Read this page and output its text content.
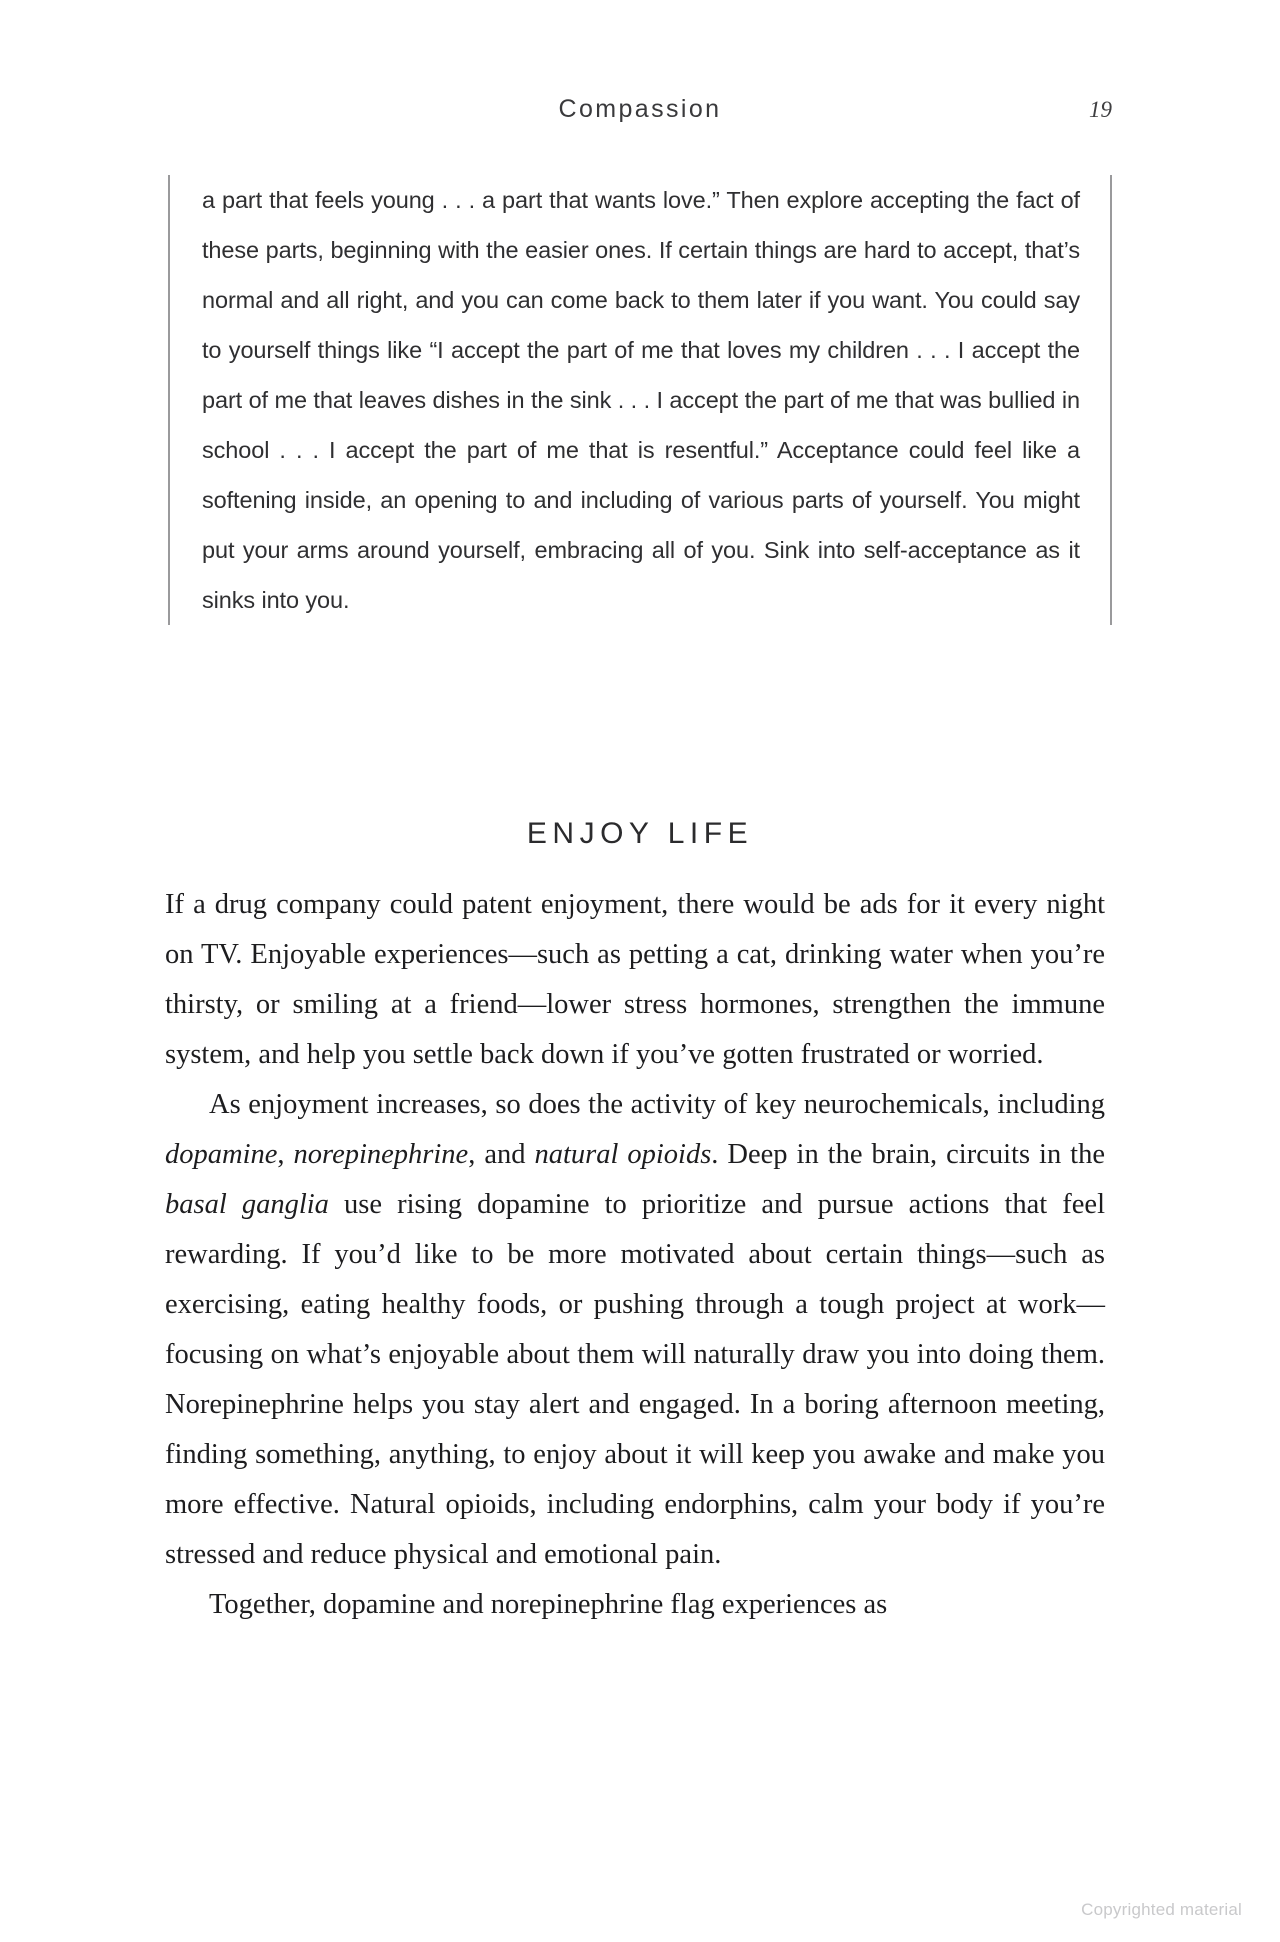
Compassion	19

a part that feels young . . . a part that wants love.” Then explore accepting the fact of these parts, beginning with the easier ones. If certain things are hard to accept, that’s normal and all right, and you can come back to them later if you want. You could say to yourself things like “I accept the part of me that loves my children . . . I accept the part of me that leaves dishes in the sink . . . I accept the part of me that was bullied in school . . . I accept the part of me that is resentful.” Acceptance could feel like a softening inside, an opening to and including of various parts of yourself. You might put your arms around yourself, embracing all of you. Sink into self-acceptance as it sinks into you.

ENJOY LIFE

If a drug company could patent enjoyment, there would be ads for it every night on TV. Enjoyable experiences—such as petting a cat, drinking water when you’re thirsty, or smiling at a friend—lower stress hormones, strengthen the immune system, and help you settle back down if you’ve gotten frustrated or worried.

As enjoyment increases, so does the activity of key neurochemicals, including dopamine, norepinephrine, and natural opioids. Deep in the brain, circuits in the basal ganglia use rising dopamine to prioritize and pursue actions that feel rewarding. If you’d like to be more motivated about certain things—such as exercising, eating healthy foods, or pushing through a tough project at work—focusing on what’s enjoyable about them will naturally draw you into doing them. Norepinephrine helps you stay alert and engaged. In a boring afternoon meeting, finding something, anything, to enjoy about it will keep you awake and make you more effective. Natural opioids, including endorphins, calm your body if you’re stressed and reduce physical and emotional pain.

Together, dopamine and norepinephrine flag experiences as

Copyrighted material
